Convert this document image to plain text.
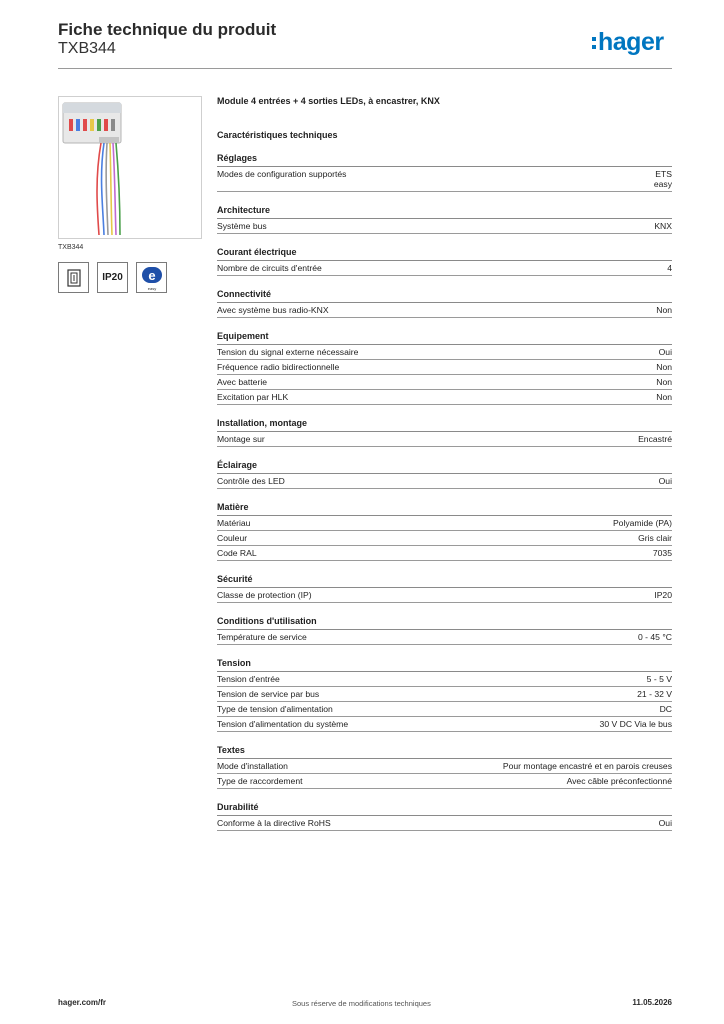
Fiche technique du produit
TXB344	hager
TXB344
IP20	e
easy
Module 4 entrées + 4 sorties LEDs, à encastrer, KNX
Caractéristiques techniques
Réglages
Modes de configuration supportés	ETS
easy
Architecture
Système bus	KNX
Courant électrique
Nombre de circuits d'entrée	4
Connectivité
Avec système bus radio-KNX	Non
Equipement
Tension du signal externe nécessaire	Oui
Fréquence radio bidirectionnelle	Non
Avec batterie	Non
Excitation par HLK	Non
Installation, montage
Montage sur	Encastré
Éclairage
Contrôle des LED	Oui
Matière
Matériau	Polyamide (PA)
Couleur	Gris clair
Code RAL	7035
Sécurité
Classe de protection (IP)	IP20
Conditions d'utilisation
Température de service	0 - 45 °C
Tension
Tension d'entrée	5 - 5 V
Tension de service par bus	21 - 32 V
Type de tension d'alimentation	DC
Tension d'alimentation du système	30 V DC Via le bus
Textes
Mode d'installation	Pour montage encastré et en parois creuses
Type de raccordement	Avec câble préconfectionné
Durabilité
Conforme à la directive RoHS	Oui
hager.com/fr	Sous réserve de modifications techniques	11.05.2026
